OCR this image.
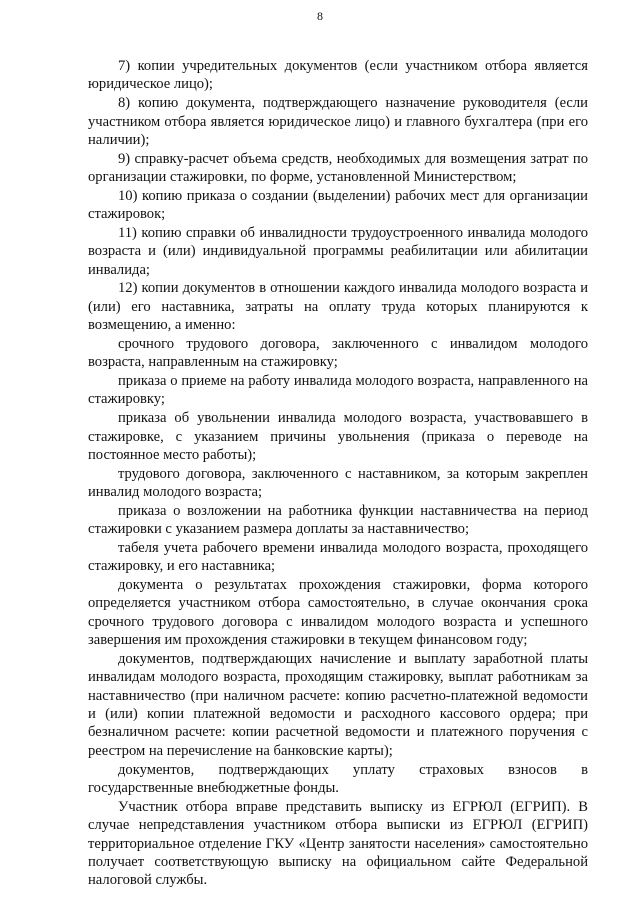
8

7) копии учредительных документов (если участником отбора является юридическое лицо);

8) копию документа, подтверждающего назначение руководителя (если участником отбора является юридическое лицо) и главного бухгалтера (при его наличии);

9) справку-расчет объема средств, необходимых для возмещения затрат по организации стажировки, по форме, установленной Министерством;

10) копию приказа о создании (выделении) рабочих мест для организации стажировок;

11) копию справки об инвалидности трудоустроенного инвалида молодого возраста и (или) индивидуальной программы реабилитации или абилитации инвалида;

12) копии документов в отношении каждого инвалида молодого возраста и (или) его наставника, затраты на оплату труда которых планируются к возмещению, а именно:

срочного трудового договора, заключенного с инвалидом молодого возраста, направленным на стажировку;

приказа о приеме на работу инвалида молодого возраста, направленного на стажировку;

приказа об увольнении инвалида молодого возраста, участвовавшего в стажировке, с указанием причины увольнения (приказа о переводе на постоянное место работы);

трудового договора, заключенного с наставником, за которым закреплен инвалид молодого возраста;

приказа о возложении на работника функции наставничества на период стажировки с указанием размера доплаты за наставничество;

табеля учета рабочего времени инвалида молодого возраста, проходящего стажировку, и его наставника;

документа о результатах прохождения стажировки, форма которого определяется участником отбора самостоятельно, в случае окончания срока срочного трудового договора с инвалидом молодого возраста и успешного завершения им прохождения стажировки в текущем финансовом году;

документов, подтверждающих начисление и выплату заработной платы инвалидам молодого возраста, проходящим стажировку, выплат работникам за наставничество (при наличном расчете: копию расчетно-платежной ведомости и (или) копии платежной ведомости и расходного кассового ордера; при безналичном расчете: копии расчетной ведомости и платежного поручения с реестром на перечисление на банковские карты);

документов, подтверждающих уплату страховых взносов в государственные внебюджетные фонды.

Участник отбора вправе представить выписку из ЕГРЮЛ (ЕГРИП). В случае непредставления участником отбора выписки из ЕГРЮЛ (ЕГРИП) территориальное отделение ГКУ «Центр занятости населения» самостоятельно получает соответствующую выписку на официальном сайте Федеральной налоговой службы.
